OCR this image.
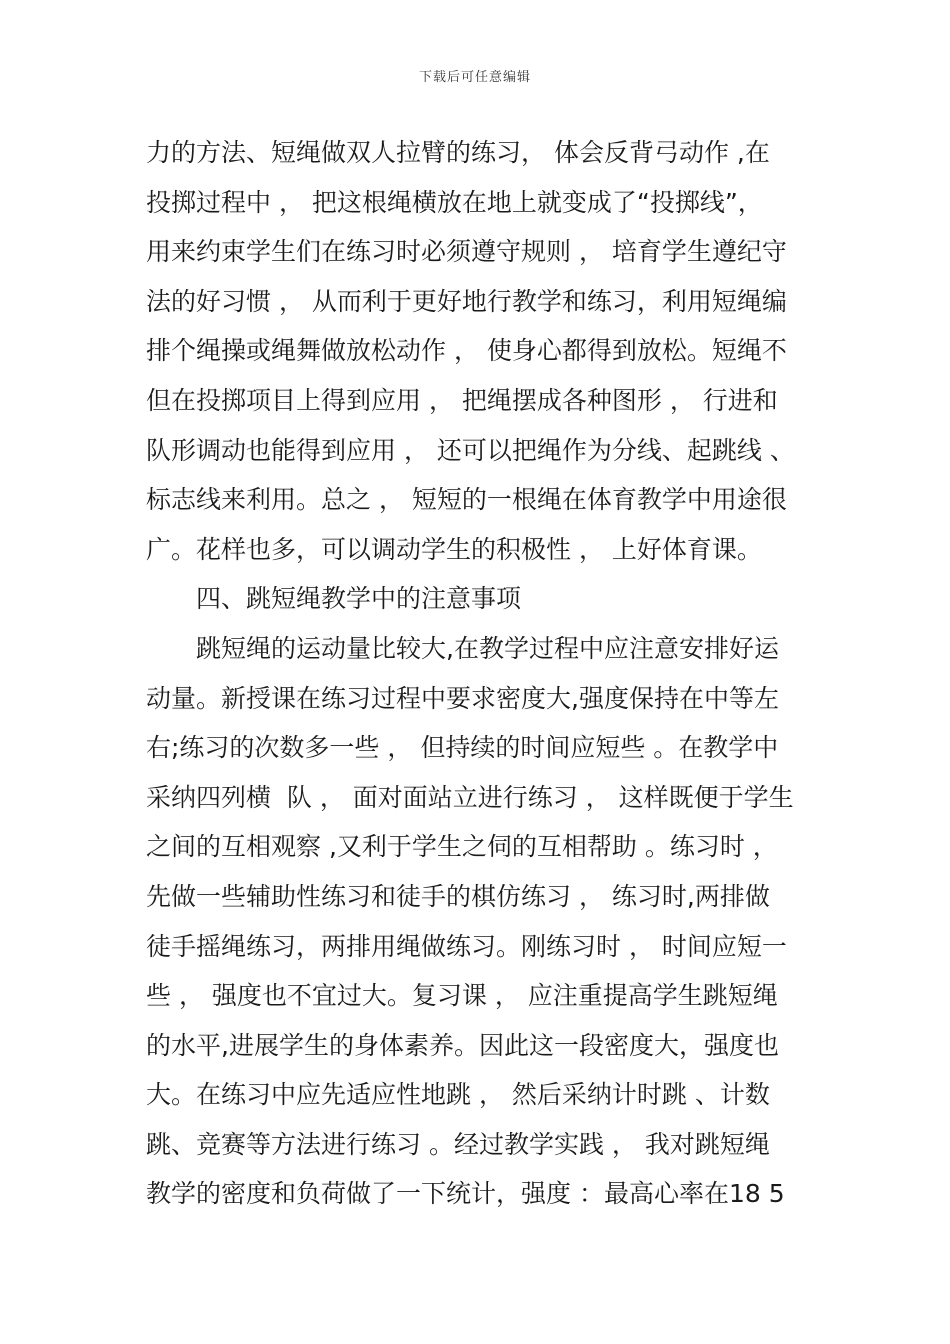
下载后可任意编辑
力的方法、短绳做双人拉臂的练习， 体会反背弓动作 ,在
投掷过程中 ， 把这根绳横放在地上就变成了“投掷线”，
用来约束学生们在练习时必须遵守规则 ， 培育学生遵纪守
法的好习惯 ， 从而利于更好地行教学和练习，利用短绳编
排个绳操或绳舞做放松动作 ， 使身心都得到放松。短绳不
但在投掷项目上得到应用 ， 把绳摆成各种图形 ， 行进和
队形调动也能得到应用 ， 还可以把绳作为分线、起跳线 、
标志线来利用。总之 ， 短短的一根绳在体育教学中用途很
广。花样也多，可以调动学生的积极性 ， 上好体育课。
四、跳短绳教学中的注意事项
跳短绳的运动量比较大,在教学过程中应注意安排好运
动量。新授课在练习过程中要求密度大,强度保持在中等左
右;练习的次数多一些 ， 但持续的时间应短些 。在教学中
采纳四列横  队 ， 面对面站立进行练习 ， 这样既便于学生
之间的互相观察 ,又利于学生之伺的互相帮助 。练习时 ，
先做一些辅助性练习和徒手的棋仿练习 ， 练习时,两排做
徒手摇绳练习，两排用绳做练习。刚练习时 ， 时间应短一
些 ， 强度也不宜过大。复习课 ， 应注重提高学生跳短绳
的水平,进展学生的身体素养。因此这一段密度大，强度也
大。在练习中应先适应性地跳 ， 然后采纳计时跳 、计数
跳、竞赛等方法进行练习 。经过教学实践 ， 我对跳短绳
教学的密度和负荷做了一下统计，强度 ：最高心率在18 5
